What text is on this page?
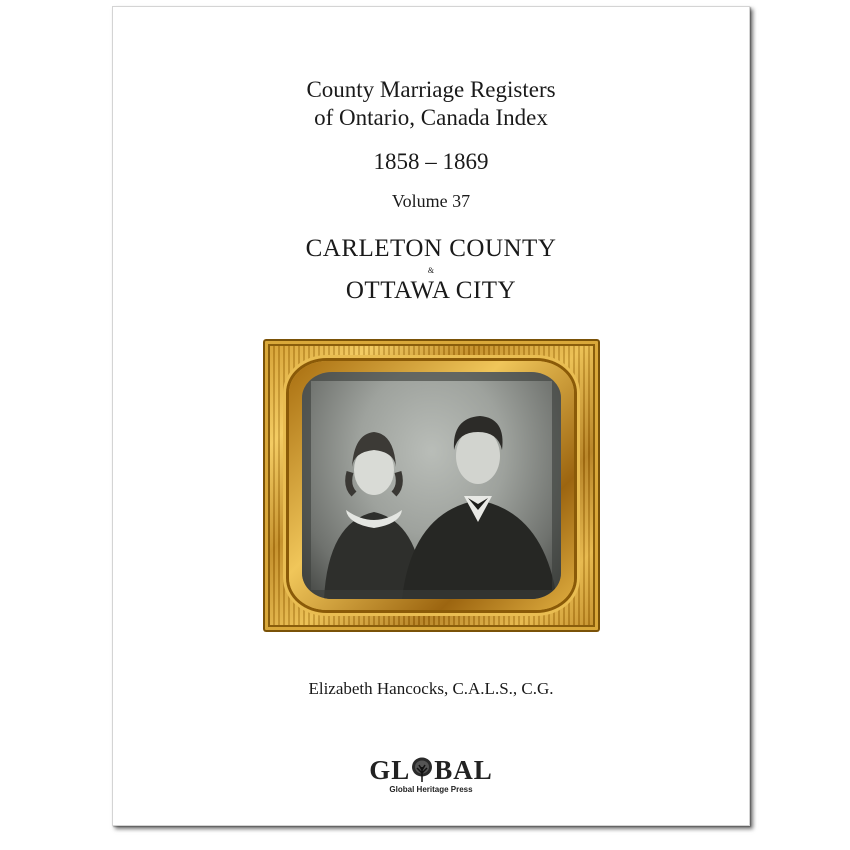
County Marriage Registers
of Ontario, Canada Index
1858 – 1869
Volume 37
CARLETON COUNTY
&
OTTAWA CITY
Elizabeth Hancocks, C.A.L.S., C.G.
GL BAL
Global Heritage Press
